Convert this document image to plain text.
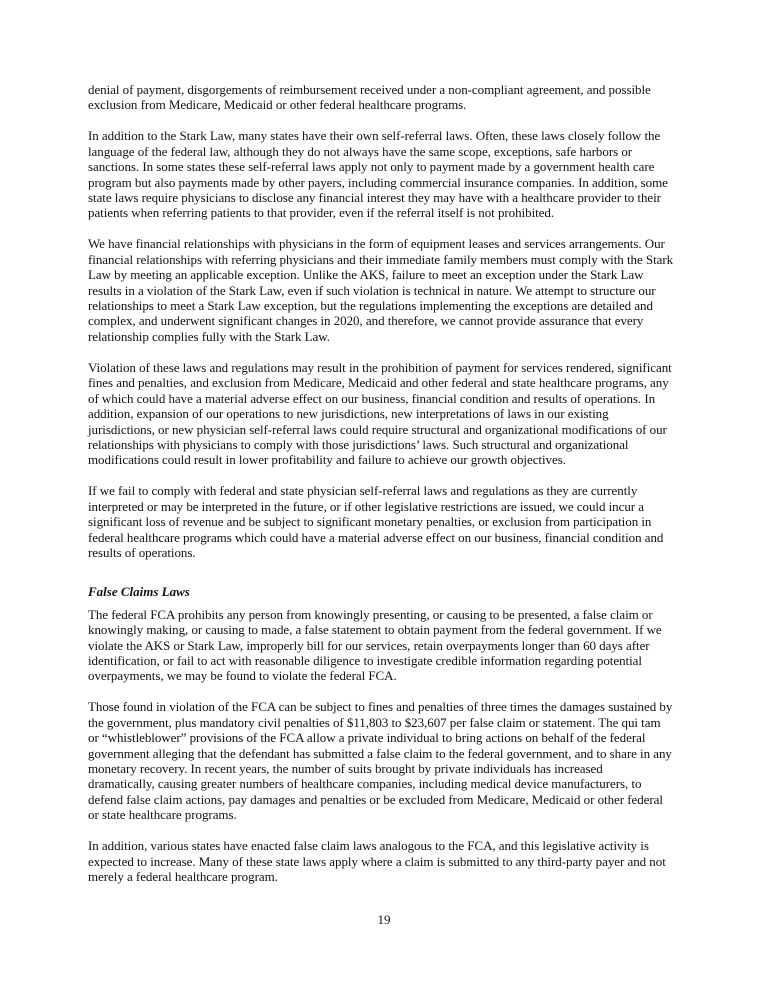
denial of payment, disgorgements of reimbursement received under a non-compliant agreement, and possible
exclusion from Medicare, Medicaid or other federal healthcare programs.

In addition to the Stark Law, many states have their own self-referral laws. Often, these laws closely follow the
language of the federal law, although they do not always have the same scope, exceptions, safe harbors or
sanctions. In some states these self-referral laws apply not only to payment made by a government health care
program but also payments made by other payers, including commercial insurance companies. In addition, some
state laws require physicians to disclose any financial interest they may have with a healthcare provider to their
patients when referring patients to that provider, even if the referral itself is not prohibited.

We have financial relationships with physicians in the form of equipment leases and services arrangements. Our
financial relationships with referring physicians and their immediate family members must comply with the Stark
Law by meeting an applicable exception. Unlike the AKS, failure to meet an exception under the Stark Law
results in a violation of the Stark Law, even if such violation is technical in nature. We attempt to structure our
relationships to meet a Stark Law exception, but the regulations implementing the exceptions are detailed and
complex, and underwent significant changes in 2020, and therefore, we cannot provide assurance that every
relationship complies fully with the Stark Law.

Violation of these laws and regulations may result in the prohibition of payment for services rendered, significant
fines and penalties, and exclusion from Medicare, Medicaid and other federal and state healthcare programs, any
of which could have a material adverse effect on our business, financial condition and results of operations. In
addition, expansion of our operations to new jurisdictions, new interpretations of laws in our existing
jurisdictions, or new physician self-referral laws could require structural and organizational modifications of our
relationships with physicians to comply with those jurisdictions’ laws. Such structural and organizational
modifications could result in lower profitability and failure to achieve our growth objectives.

If we fail to comply with federal and state physician self-referral laws and regulations as they are currently
interpreted or may be interpreted in the future, or if other legislative restrictions are issued, we could incur a
significant loss of revenue and be subject to significant monetary penalties, or exclusion from participation in
federal healthcare programs which could have a material adverse effect on our business, financial condition and
results of operations.

False Claims Laws

The federal FCA prohibits any person from knowingly presenting, or causing to be presented, a false claim or
knowingly making, or causing to made, a false statement to obtain payment from the federal government. If we
violate the AKS or Stark Law, improperly bill for our services, retain overpayments longer than 60 days after
identification, or fail to act with reasonable diligence to investigate credible information regarding potential
overpayments, we may be found to violate the federal FCA.

Those found in violation of the FCA can be subject to fines and penalties of three times the damages sustained by
the government, plus mandatory civil penalties of $11,803 to $23,607 per false claim or statement. The qui tam
or “whistleblower” provisions of the FCA allow a private individual to bring actions on behalf of the federal
government alleging that the defendant has submitted a false claim to the federal government, and to share in any
monetary recovery. In recent years, the number of suits brought by private individuals has increased
dramatically, causing greater numbers of healthcare companies, including medical device manufacturers, to
defend false claim actions, pay damages and penalties or be excluded from Medicare, Medicaid or other federal
or state healthcare programs.

In addition, various states have enacted false claim laws analogous to the FCA, and this legislative activity is
expected to increase. Many of these state laws apply where a claim is submitted to any third-party payer and not
merely a federal healthcare program.

19
